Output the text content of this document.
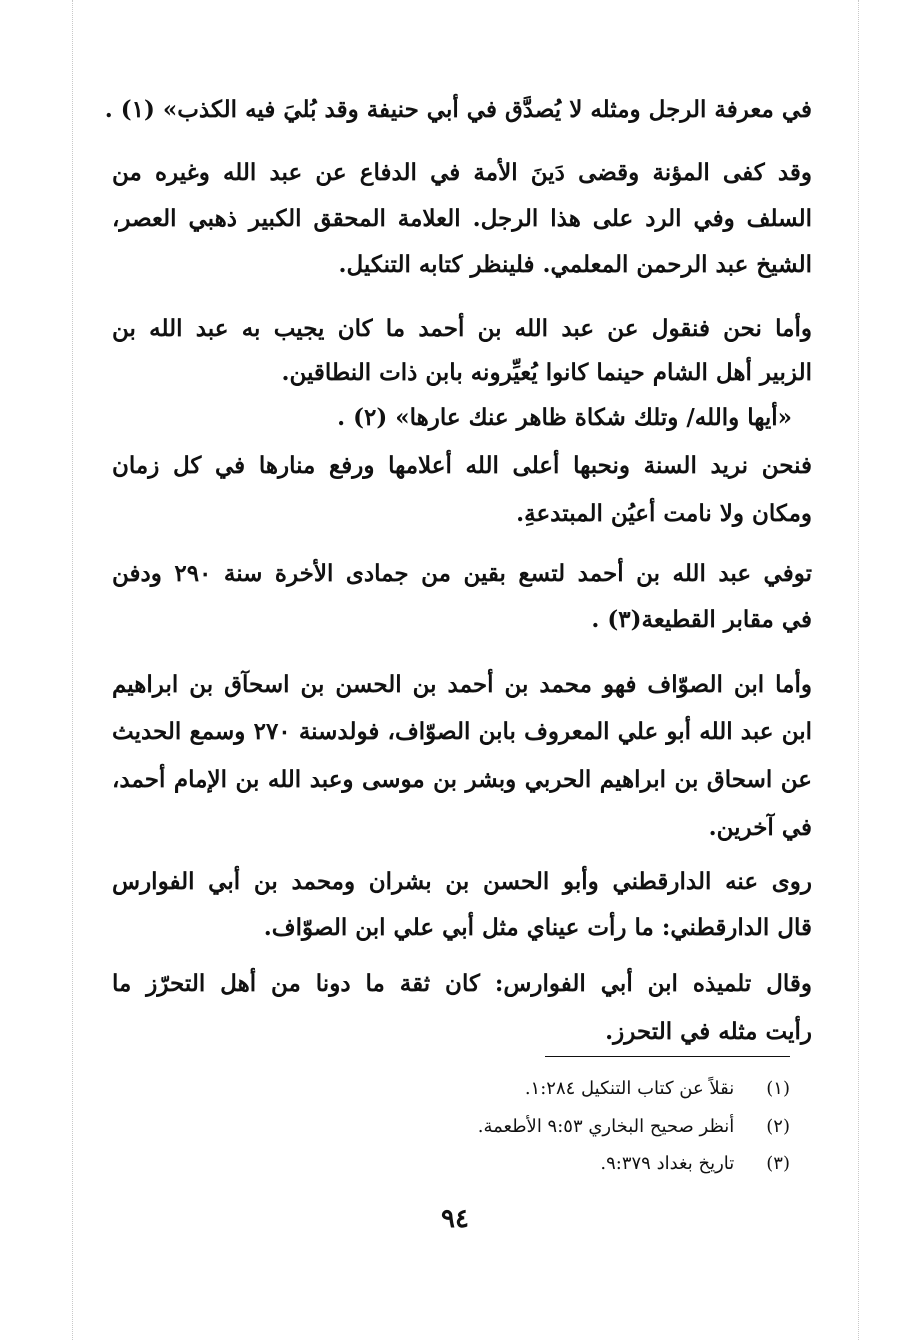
في معرفة الرجل ومثله لا يُصدَّق في أبي حنيفة وقد بُليَ فيه الكذب» (١) .
وقد كفى المؤنة وقضى دَينَ الأمة في الدفاع عن عبد الله وغيره من
السلف وفي الرد على هذا الرجل. العلامة المحقق الكبير ذهبي العصر،
الشيخ عبد الرحمن المعلمي. فلينظر كتابه التنكيل.
وأما نحن فنقول عن عبد الله بن أحمد ما كان يجيب به عبد الله بن
الزبير أهل الشام حينما كانوا يُعيِّرونه بابن ذات النطاقين.
«أيها والله/ وتلك شكاة ظاهر عنك عارها» (٢) .
فنحن نريد السنة ونحبها أعلى الله أعلامها ورفع منارها في كل زمان
ومكان ولا نامت أعيُن المبتدعةِ.
توفي عبد الله بن أحمد لتسع بقين من جمادى الأخرة سنة ٢٩٠ ودفن
في مقابر القطيعة(٣) .
وأما ابن الصوّاف فهو محمد بن أحمد بن الحسن بن اسحآق بن ابراهيم
ابن عبد الله أبو علي المعروف بابن الصوّاف، فولدسنة ٢٧٠ وسمع الحديث
عن اسحاق بن ابراهيم الحربي وبشر بن موسى وعبد الله بن الإمام أحمد،
في آخرين.
روى عنه الدارقطني وأبو الحسن بن بشران ومحمد بن أبي الفوارس
قال الدارقطني: ما رأت عيناي مثل أبي علي ابن الصوّاف.
وقال تلميذه ابن أبي الفوارس: كان ثقة ما دونا من أهل التحرّز ما
رأيت مثله في التحرز.
(١) نقلاً عن كتاب التنكيل ١:٢٨٤.
(٢) أنظر صحيح البخاري ٩:٥٣ الأطعمة.
(٣) تاريخ بغداد ٩:٣٧٩.
٩٤
